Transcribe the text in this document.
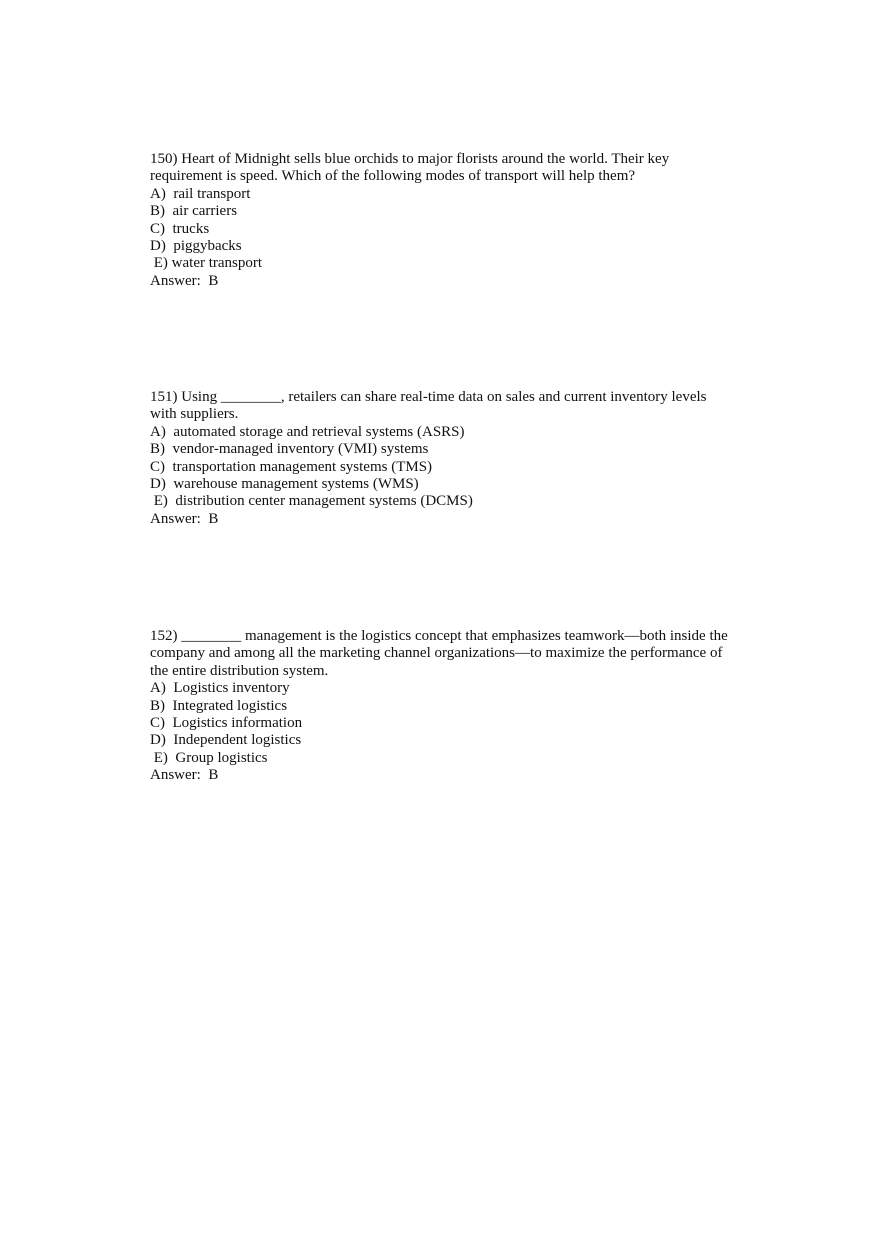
150) Heart of Midnight sells blue orchids to major florists around the world. Their key requirement is speed. Which of the following modes of transport will help them?
A)  rail transport
B)  air carriers
C)  trucks
D)  piggybacks
E) water transport
Answer:  B
151) Using ________, retailers can share real-time data on sales and current inventory levels with suppliers.
A)  automated storage and retrieval systems (ASRS)
B)  vendor-managed inventory (VMI) systems
C)  transportation management systems (TMS)
D)  warehouse management systems (WMS)
E)  distribution center management systems (DCMS)
Answer:  B
152) ________ management is the logistics concept that emphasizes teamwork—both inside the company and among all the marketing channel organizations—to maximize the performance of the entire distribution system.
A)  Logistics inventory
B)  Integrated logistics
C)  Logistics information
D)  Independent logistics
E)  Group logistics
Answer:  B
